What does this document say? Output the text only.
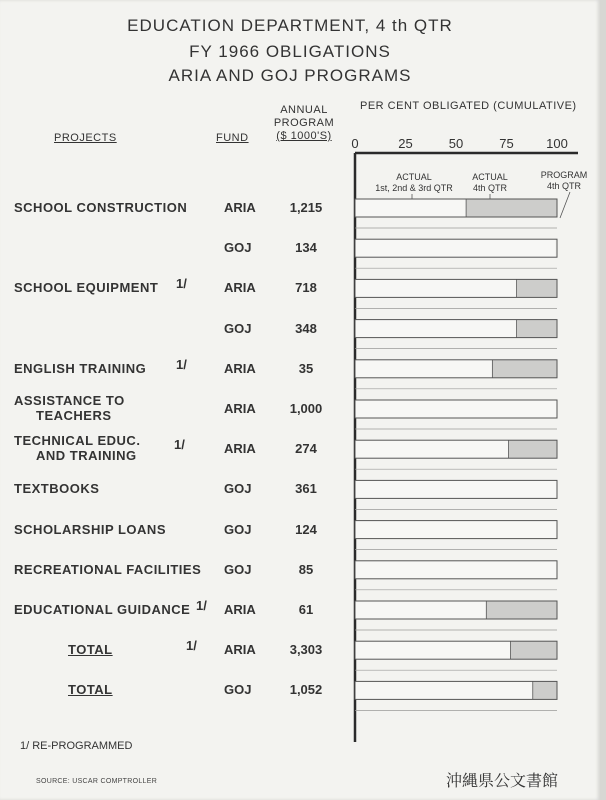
EDUCATION DEPARTMENT, 4 th QTR
FY 1966 OBLIGATIONS
ARIA AND GOJ PROGRAMS
PROJECTS	FUND
ANNUAL
PROGRAM
($ 1000'S)
PER CENT OBLIGATED (CUMULATIVE)
ACTUAL
1st, 2nd & 3rd QTR
ACTUAL
4th QTR
PROGRAM
4th QTR
SCHOOL CONSTRUCTION	ARIA	1,215
GOJ	134
SCHOOL EQUIPMENT 1/	ARIA	718
GOJ	348
ENGLISH TRAINING 1/	ARIA	35
ASSISTANCE TO
TEACHERS	ARIA	1,000
TECHNICAL EDUC.
AND TRAINING
1/	ARIA	274
TEXTBOOKS	GOJ	361
SCHOLARSHIP LOANS	GOJ	124
RECREATIONAL FACILITIES GOJ	85
EDUCATIONAL GUIDANCE 1/ ARIA	61
TOTAL	1/ ARIA	3,303
TOTAL	GOJ	1,052
0	25	50	75	100
1/ RE-PROGRAMMED
SOURCE: USCAR COMPTROLLER	沖縄県公文書館
